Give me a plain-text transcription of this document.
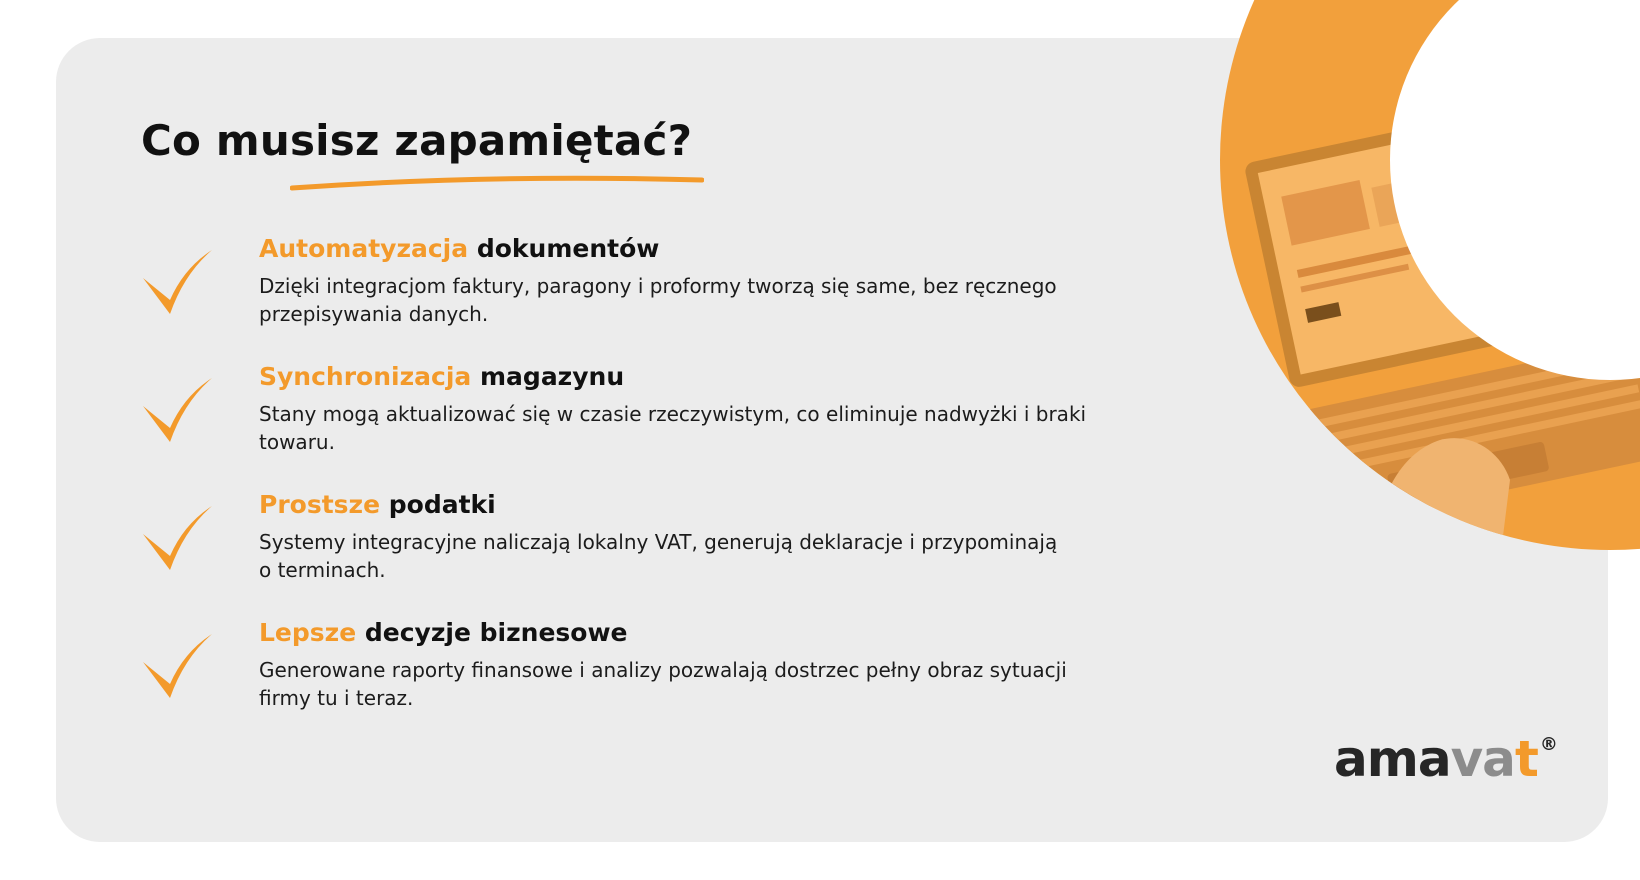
Co musisz zapamiętać?
Automatyzacja dokumentów
Dzięki integracjom faktury, paragony i proformy tworzą się same, bez ręcznego
przepisywania danych.
Synchronizacja magazynu
Stany mogą aktualizować się w czasie rzeczywistym, co eliminuje nadwyżki i braki
towaru.
Prostsze podatki
Systemy integracyjne naliczają lokalny VAT, generują deklaracje i przypominają
o terminach.
Lepsze decyzje biznesowe
Generowane raporty finansowe i analizy pozwalają dostrzec pełny obraz sytuacji
firmy tu i teraz.
amavat ®
